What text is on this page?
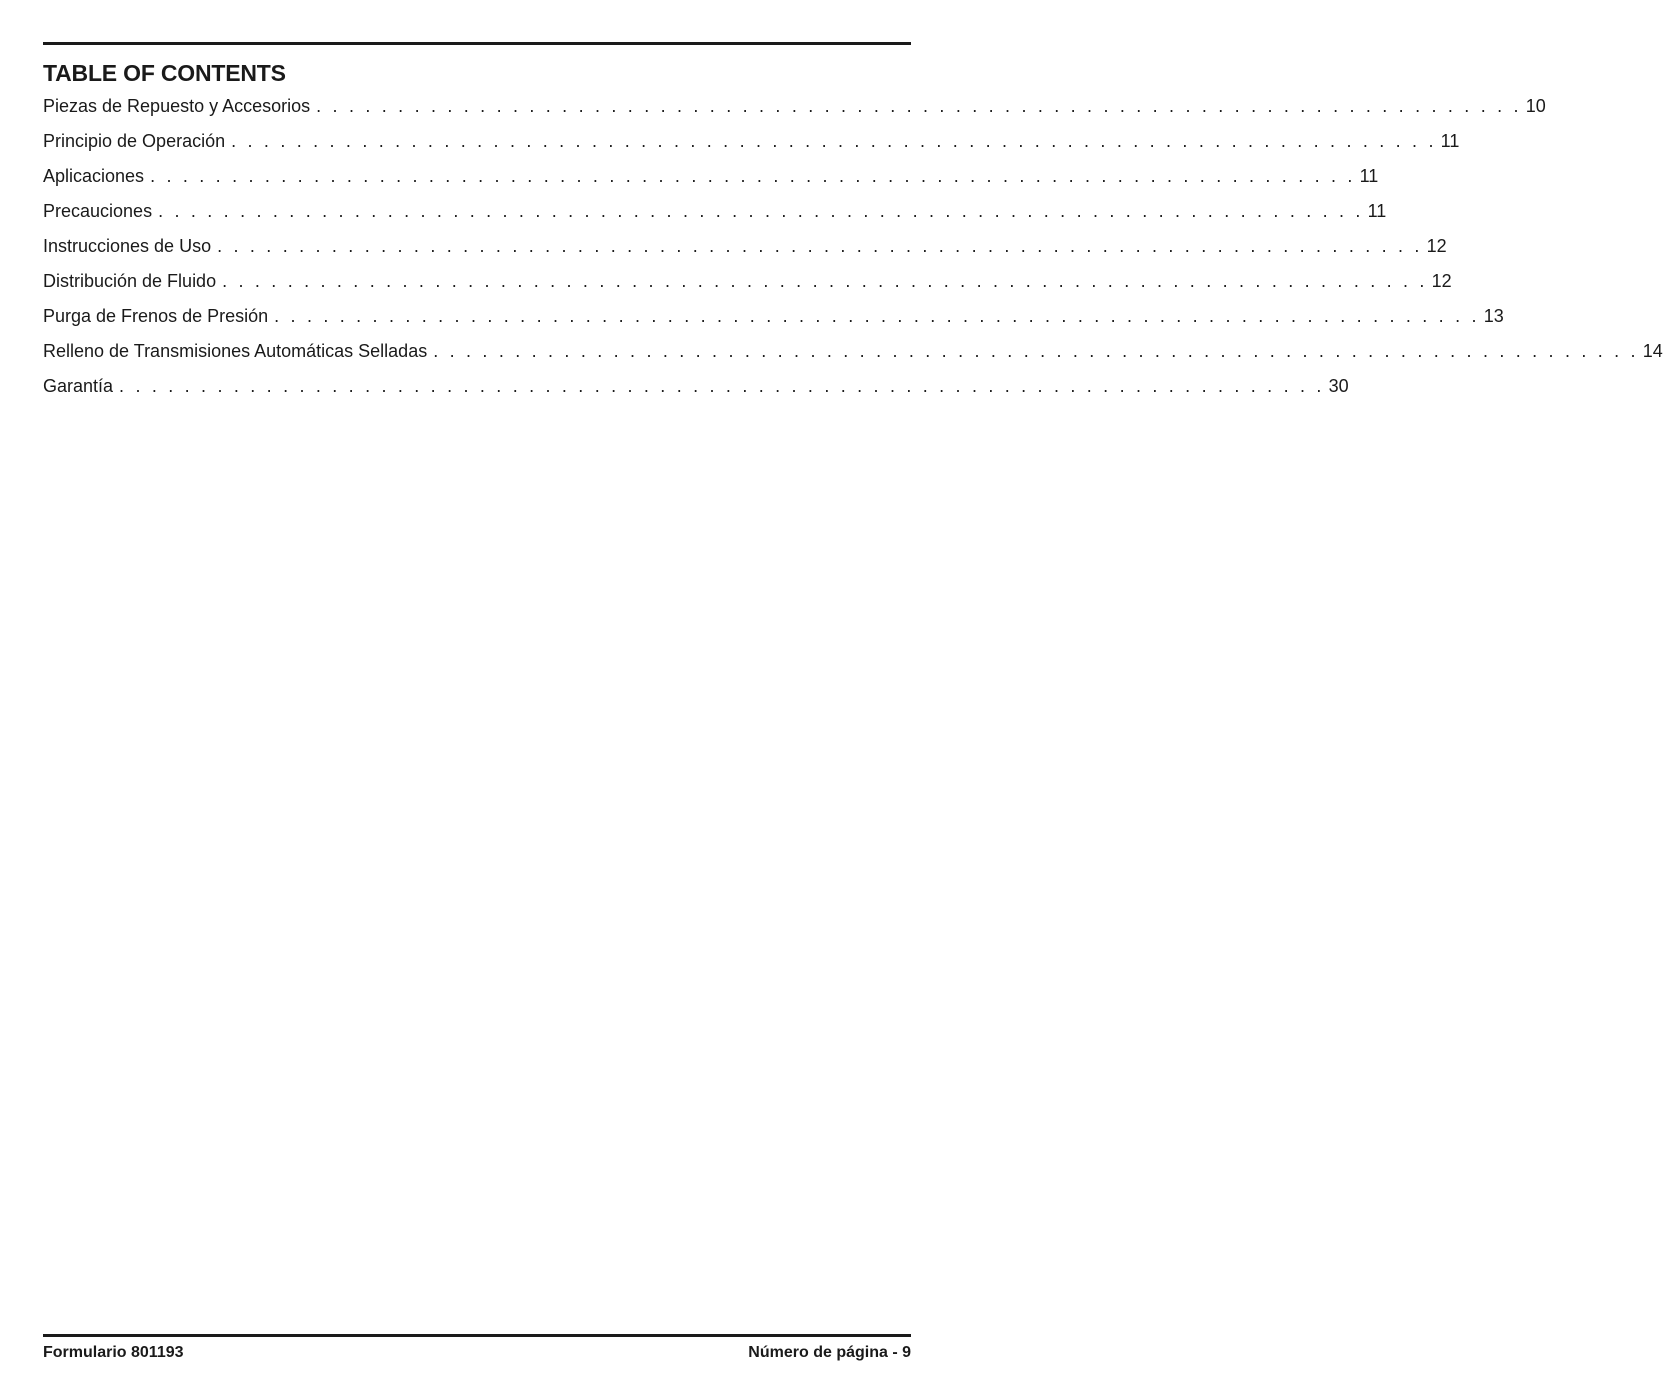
TABLE OF CONTENTS
Piezas de Repuesto y Accesorios . . . . . . . . . . . . . . . . . . . . . . . . . . . . . . . . . . . . . . . . . . . . . . . . . . . . . . . . . . . . . . . . . . . . . . . . . . 10
Principio de Operación . . . . . . . . . . . . . . . . . . . . . . . . . . . . . . . . . . . . . . . . . . . . . . . . . . . . . . . . . . . . . . . . . . . . . . . . . . 11
Aplicaciones . . . . . . . . . . . . . . . . . . . . . . . . . . . . . . . . . . . . . . . . . . . . . . . . . . . . . . . . . . . . . . . . . . . . . . . . . . 11
Precauciones . . . . . . . . . . . . . . . . . . . . . . . . . . . . . . . . . . . . . . . . . . . . . . . . . . . . . . . . . . . . . . . . . . . . . . . . . . 11
Instrucciones de Uso . . . . . . . . . . . . . . . . . . . . . . . . . . . . . . . . . . . . . . . . . . . . . . . . . . . . . . . . . . . . . . . . . . . . . . . . . . 12
Distribución de Fluido . . . . . . . . . . . . . . . . . . . . . . . . . . . . . . . . . . . . . . . . . . . . . . . . . . . . . . . . . . . . . . . . . . . . . . . . . . 12
Purga de Frenos de Presión . . . . . . . . . . . . . . . . . . . . . . . . . . . . . . . . . . . . . . . . . . . . . . . . . . . . . . . . . . . . . . . . . . . . . . . . . . 13
Relleno de Transmisiones Automáticas Selladas . . . . . . . . . . . . . . . . . . . . . . . . . . . . . . . . . . . . . . . . . . . . . . . . . . . . . . . . . . . . . . . . . . . . . . . . . . 14
Garantía . . . . . . . . . . . . . . . . . . . . . . . . . . . . . . . . . . . . . . . . . . . . . . . . . . . . . . . . . . . . . . . . . . . . . . . . . . 30
Formulario 801193	Número de página - 9
